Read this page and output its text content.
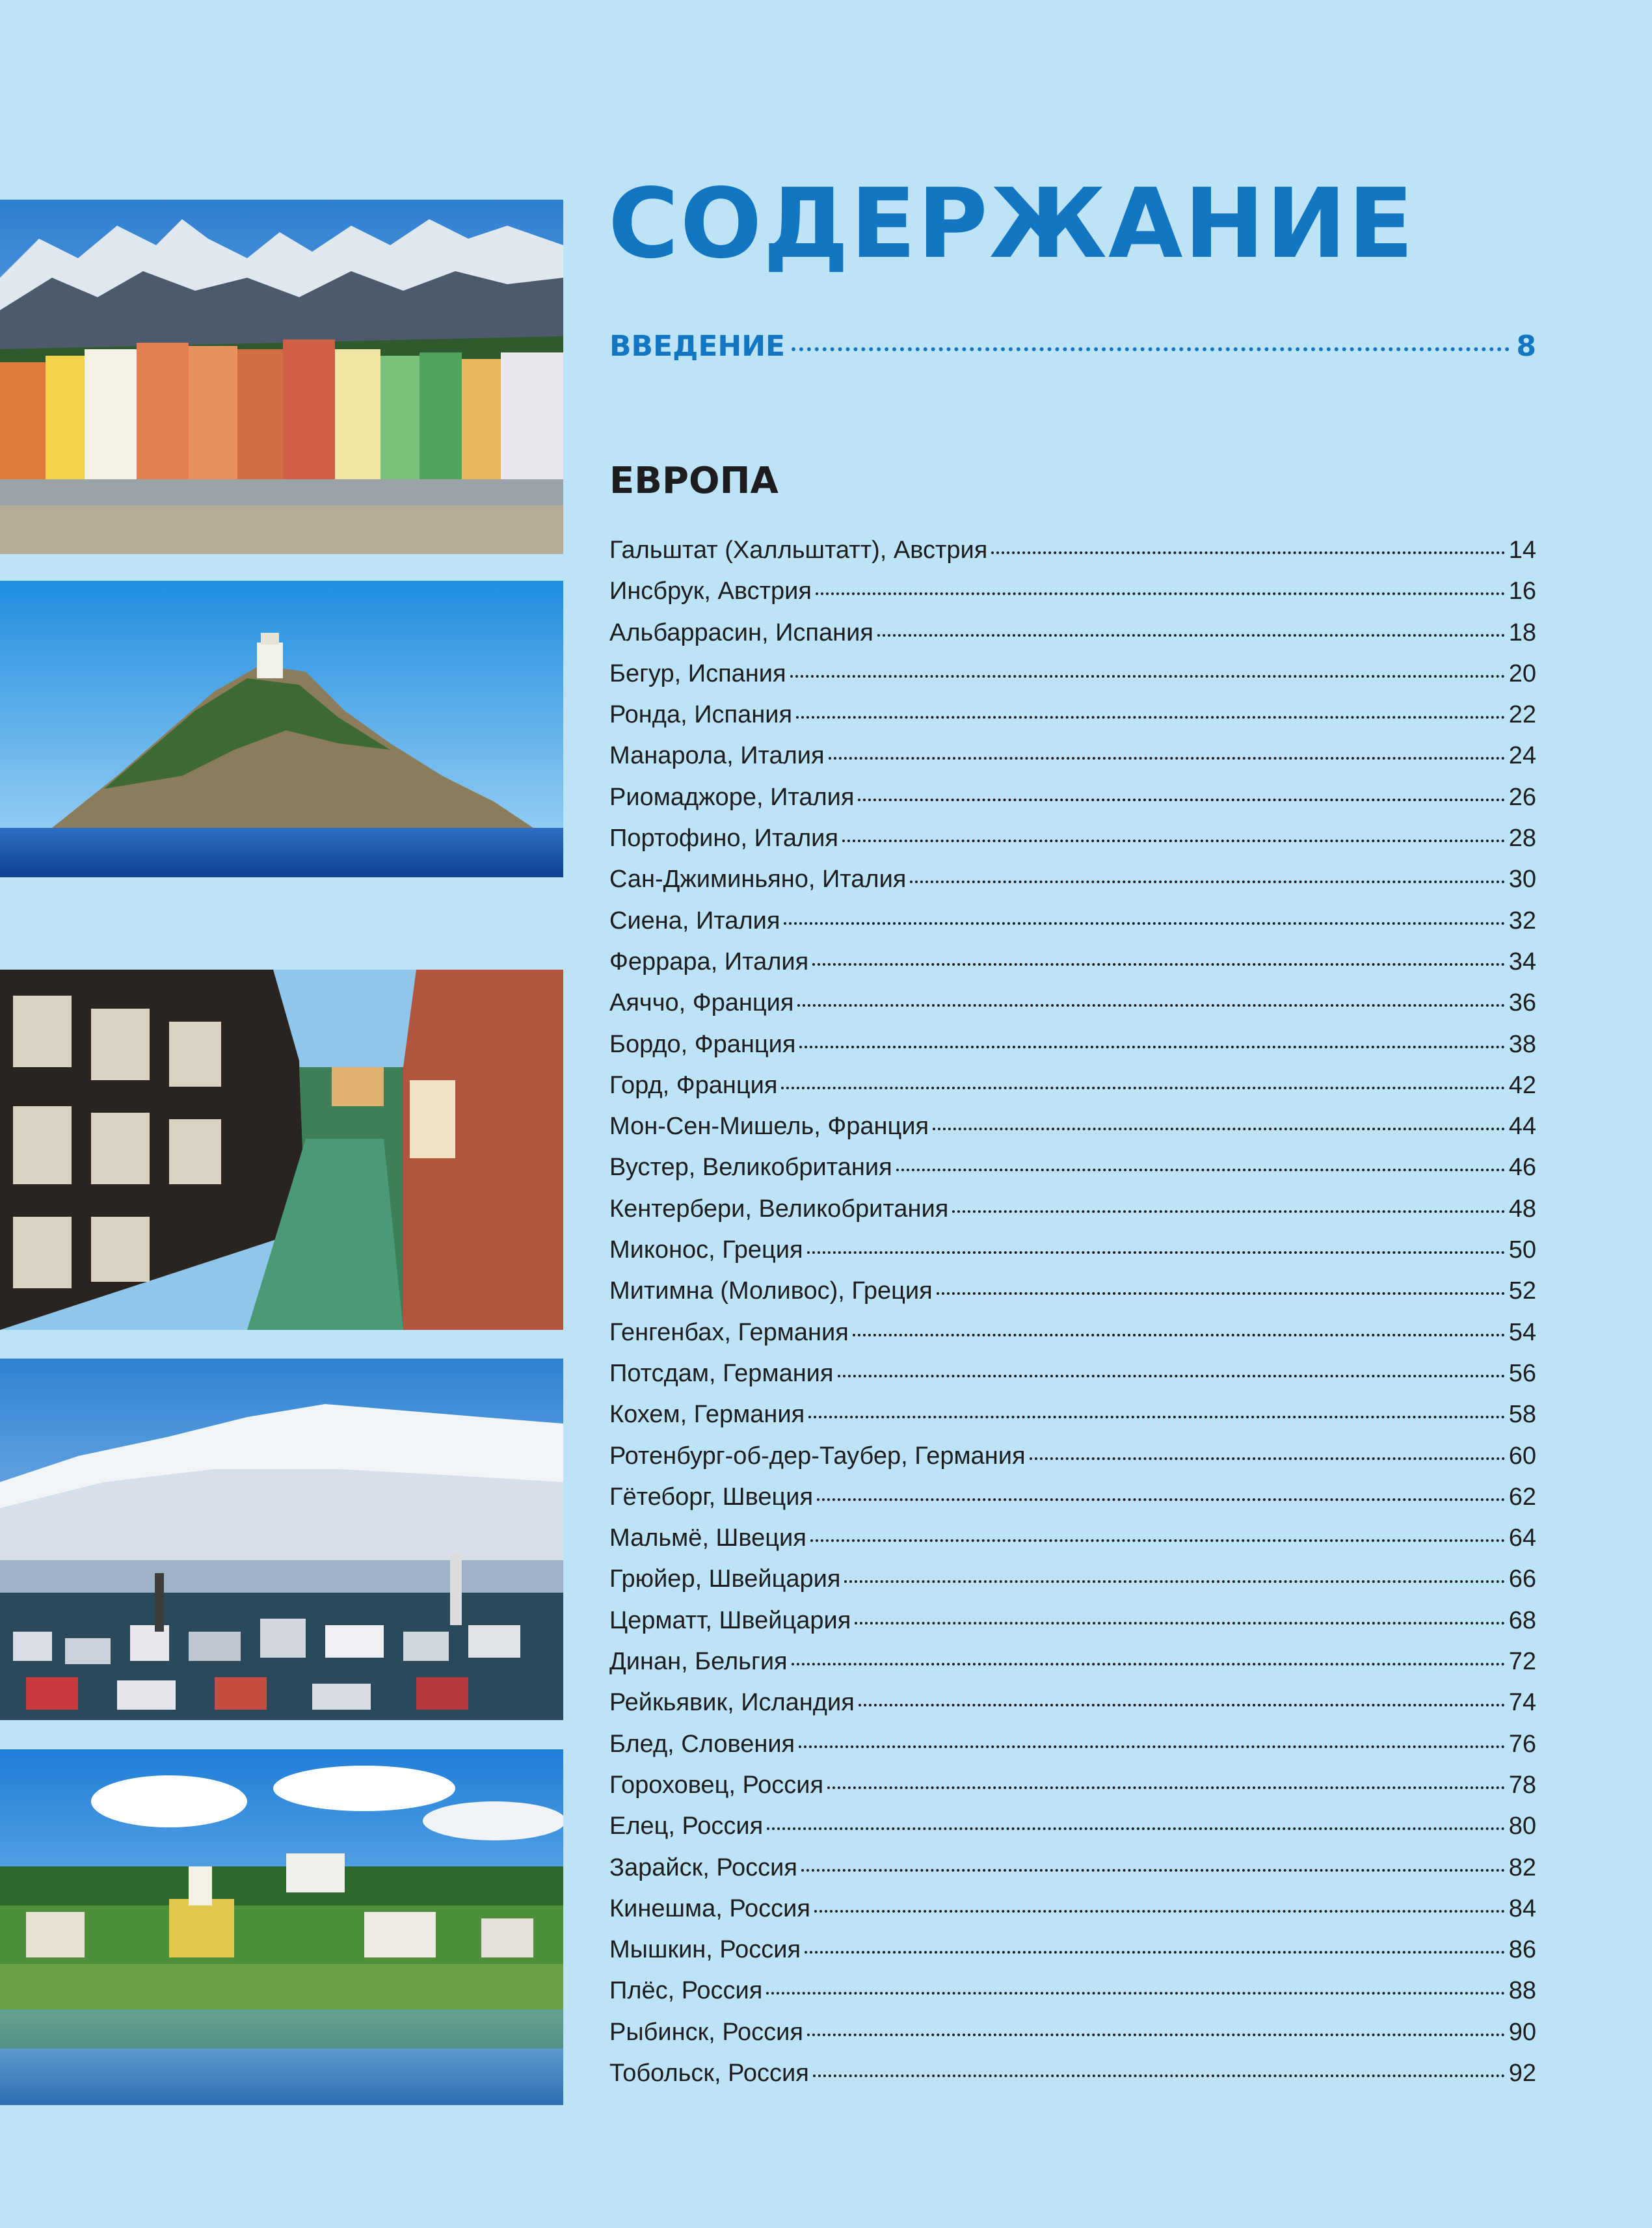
СОДЕРЖАНИЕ
ВВЕДЕНИЕ	8
ЕВРОПА
Гальштат (Халльштатт), Австрия	14
Инсбрук, Австрия	16
Альбаррасин, Испания	18
Бегур, Испания	20
Ронда, Испания	22
Манарола, Италия	24
Риомаджоре, Италия	26
Портофино, Италия	28
Сан-Джиминьяно, Италия	30
Сиена, Италия	32
Феррара, Италия	34
Аяччо, Франция	36
Бордо, Франция	38
Горд, Франция	42
Мон-Сен-Мишель, Франция	44
Вустер, Великобритания	46
Кентербери, Великобритания	48
Миконос, Греция	50
Митимна (Моливос), Греция	52
Генгенбах, Германия	54
Потсдам, Германия	56
Кохем, Германия	58
Ротенбург-об-дер-Таубер, Германия	60
Гётеборг, Швеция	62
Мальмё, Швеция	64
Грюйер, Швейцария	66
Церматт, Швейцария	68
Динан, Бельгия	72
Рейкьявик, Исландия	74
Блед, Словения	76
Гороховец, Россия	78
Елец, Россия	80
Зарайск, Россия	82
Кинешма, Россия	84
Мышкин, Россия	86
Плёс, Россия	88
Рыбинск, Россия	90
Тобольск, Россия	92
